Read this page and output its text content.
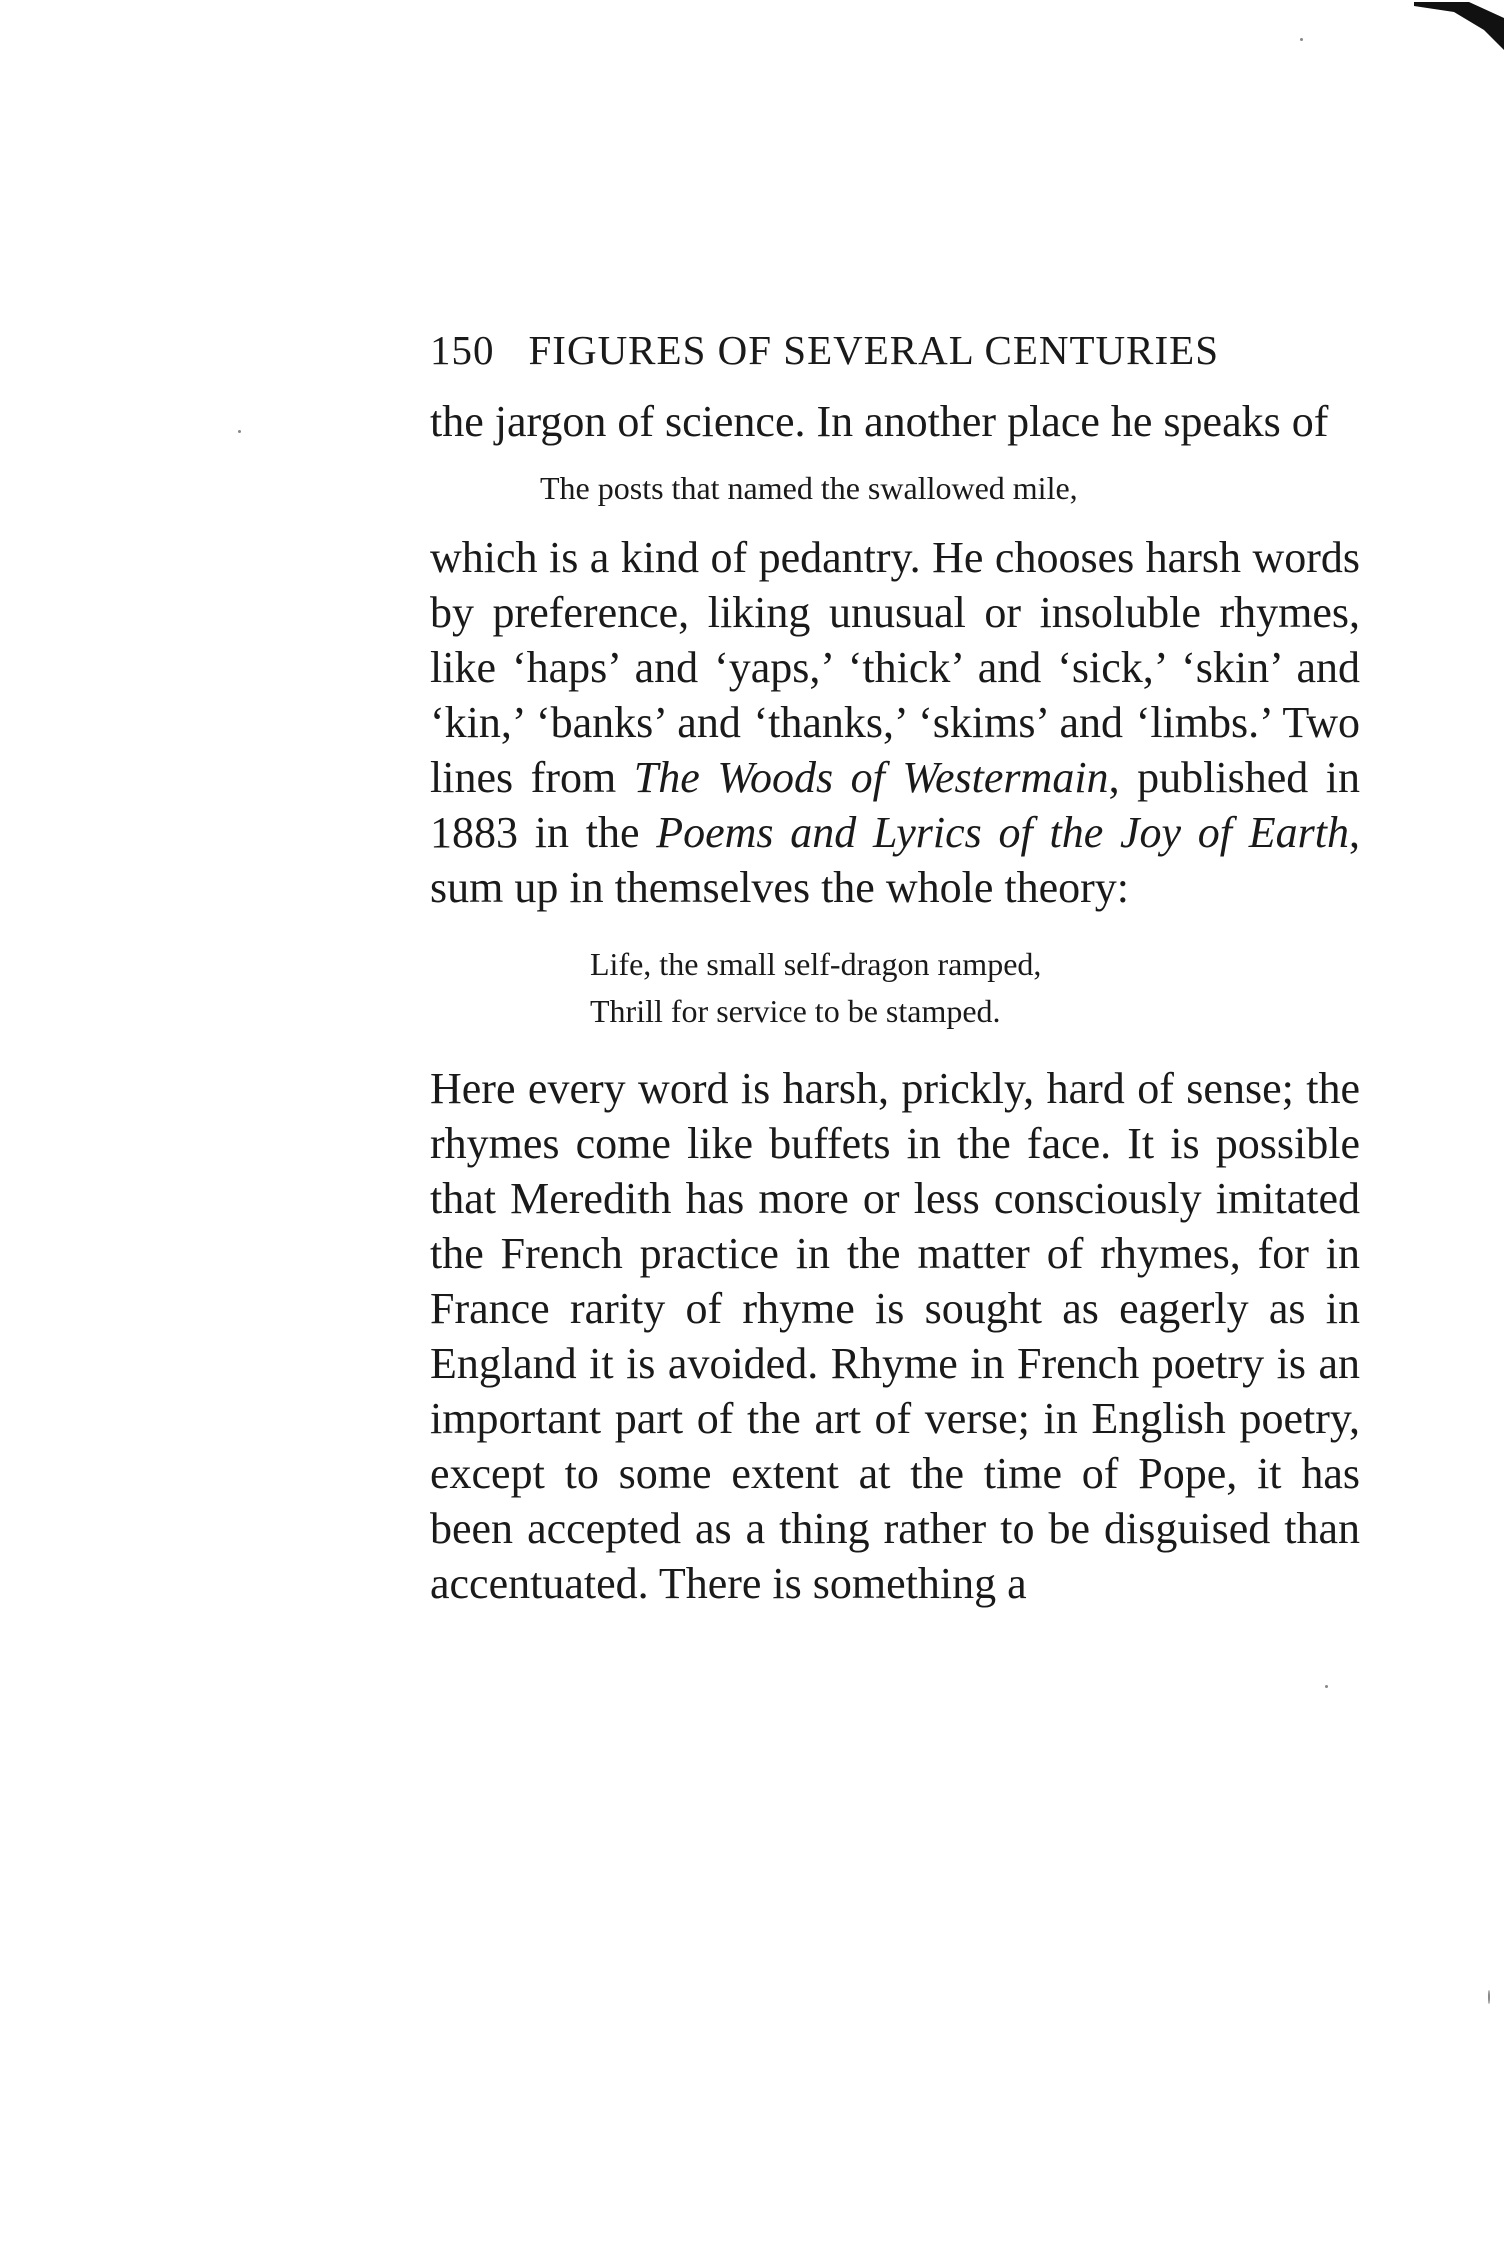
150 FIGURES OF SEVERAL CENTURIES

the jargon of science. In another place he speaks of

The posts that named the swallowed mile,

which is a kind of pedantry. He chooses harsh words by preference, liking unusual or insoluble rhymes, like ‘haps’ and ‘yaps,’ ‘thick’ and ‘sick,’ ‘skin’ and ‘kin,’ ‘banks’ and ‘thanks,’ ‘skims’ and ‘limbs.’ Two lines from The Woods of Westermain, published in 1883 in the Poems and Lyrics of the Joy of Earth, sum up in themselves the whole theory:

Life, the small self-dragon ramped,
Thrill for service to be stamped.

Here every word is harsh, prickly, hard of sense; the rhymes come like buffets in the face. It is possible that Meredith has more or less consciously imitated the French practice in the matter of rhymes, for in France rarity of rhyme is sought as eagerly as in England it is avoided. Rhyme in French poetry is an important part of the art of verse; in English poetry, except to some extent at the time of Pope, it has been accepted as a thing rather to be disguised than accentuated. There is something a
